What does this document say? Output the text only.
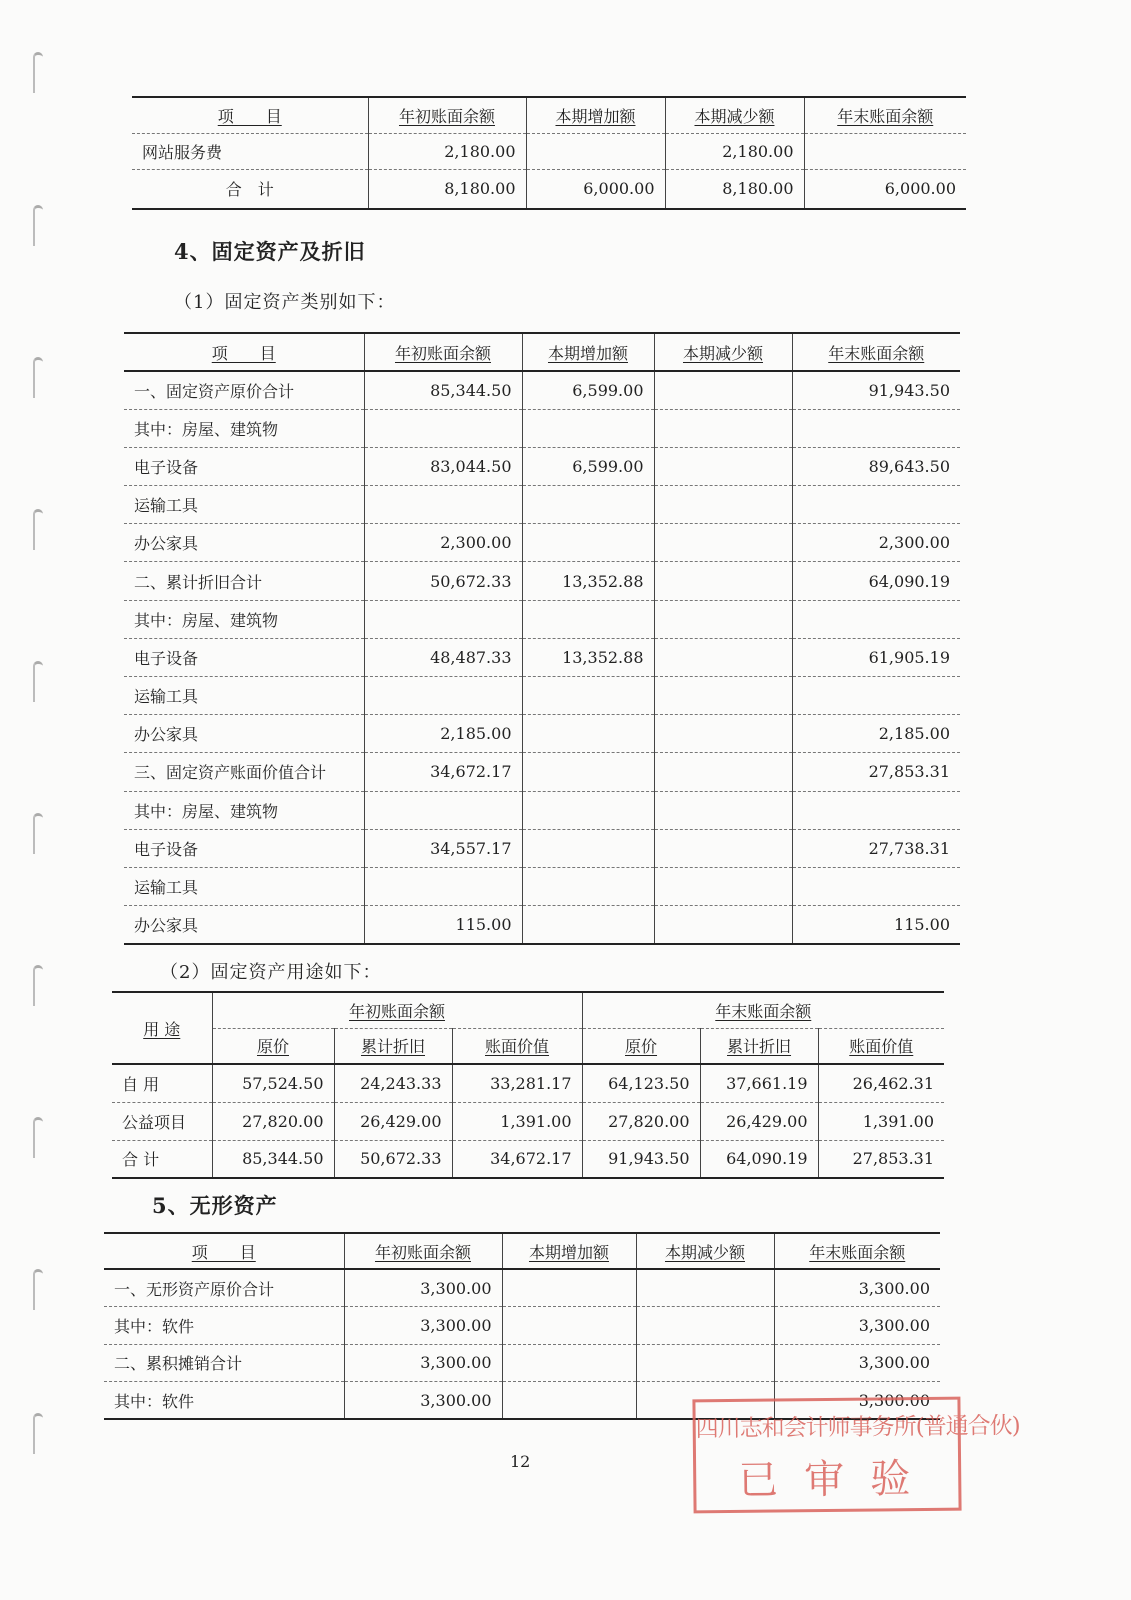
项　　目	年初账面余额	本期增加额	本期减少额	年末账面余额
网站服务费	2,180.00		2,180.00	
合　计	8,180.00	6,000.00	8,180.00	6,000.00
4、固定资产及折旧
（1）固定资产类别如下：
项　　目	年初账面余额	本期增加额	本期减少额	年末账面余额
一、固定资产原价合计	85,344.50	6,599.00		91,943.50
其中：房屋、建筑物				
电子设备	83,044.50	6,599.00		89,643.50
运输工具				
办公家具	2,300.00			2,300.00
二、累计折旧合计	50,672.33	13,352.88		64,090.19
其中：房屋、建筑物				
电子设备	48,487.33	13,352.88		61,905.19
运输工具				
办公家具	2,185.00			2,185.00
三、固定资产账面价值合计	34,672.17			27,853.31
其中：房屋、建筑物				
电子设备	34,557.17			27,738.31
运输工具				
办公家具	115.00			115.00
（2）固定资产用途如下：
用 途	年初账面余额			年末账面余额		
	原价	累计折旧	账面价值	原价	累计折旧	账面价值
自 用	57,524.50	24,243.33	33,281.17	64,123.50	37,661.19	26,462.31
公益项目	27,820.00	26,429.00	1,391.00	27,820.00	26,429.00	1,391.00
合 计	85,344.50	50,672.33	34,672.17	91,943.50	64,090.19	27,853.31
5、无形资产
项　　目	年初账面余额	本期增加额	本期减少额	年末账面余额
一、无形资产原价合计	3,300.00			3,300.00
其中：软件	3,300.00			3,300.00
二、累积摊销合计	3,300.00			3,300.00
其中：软件	3,300.00			3,300.00
12
四川志和会计师事务所(普通合伙)
已审验
